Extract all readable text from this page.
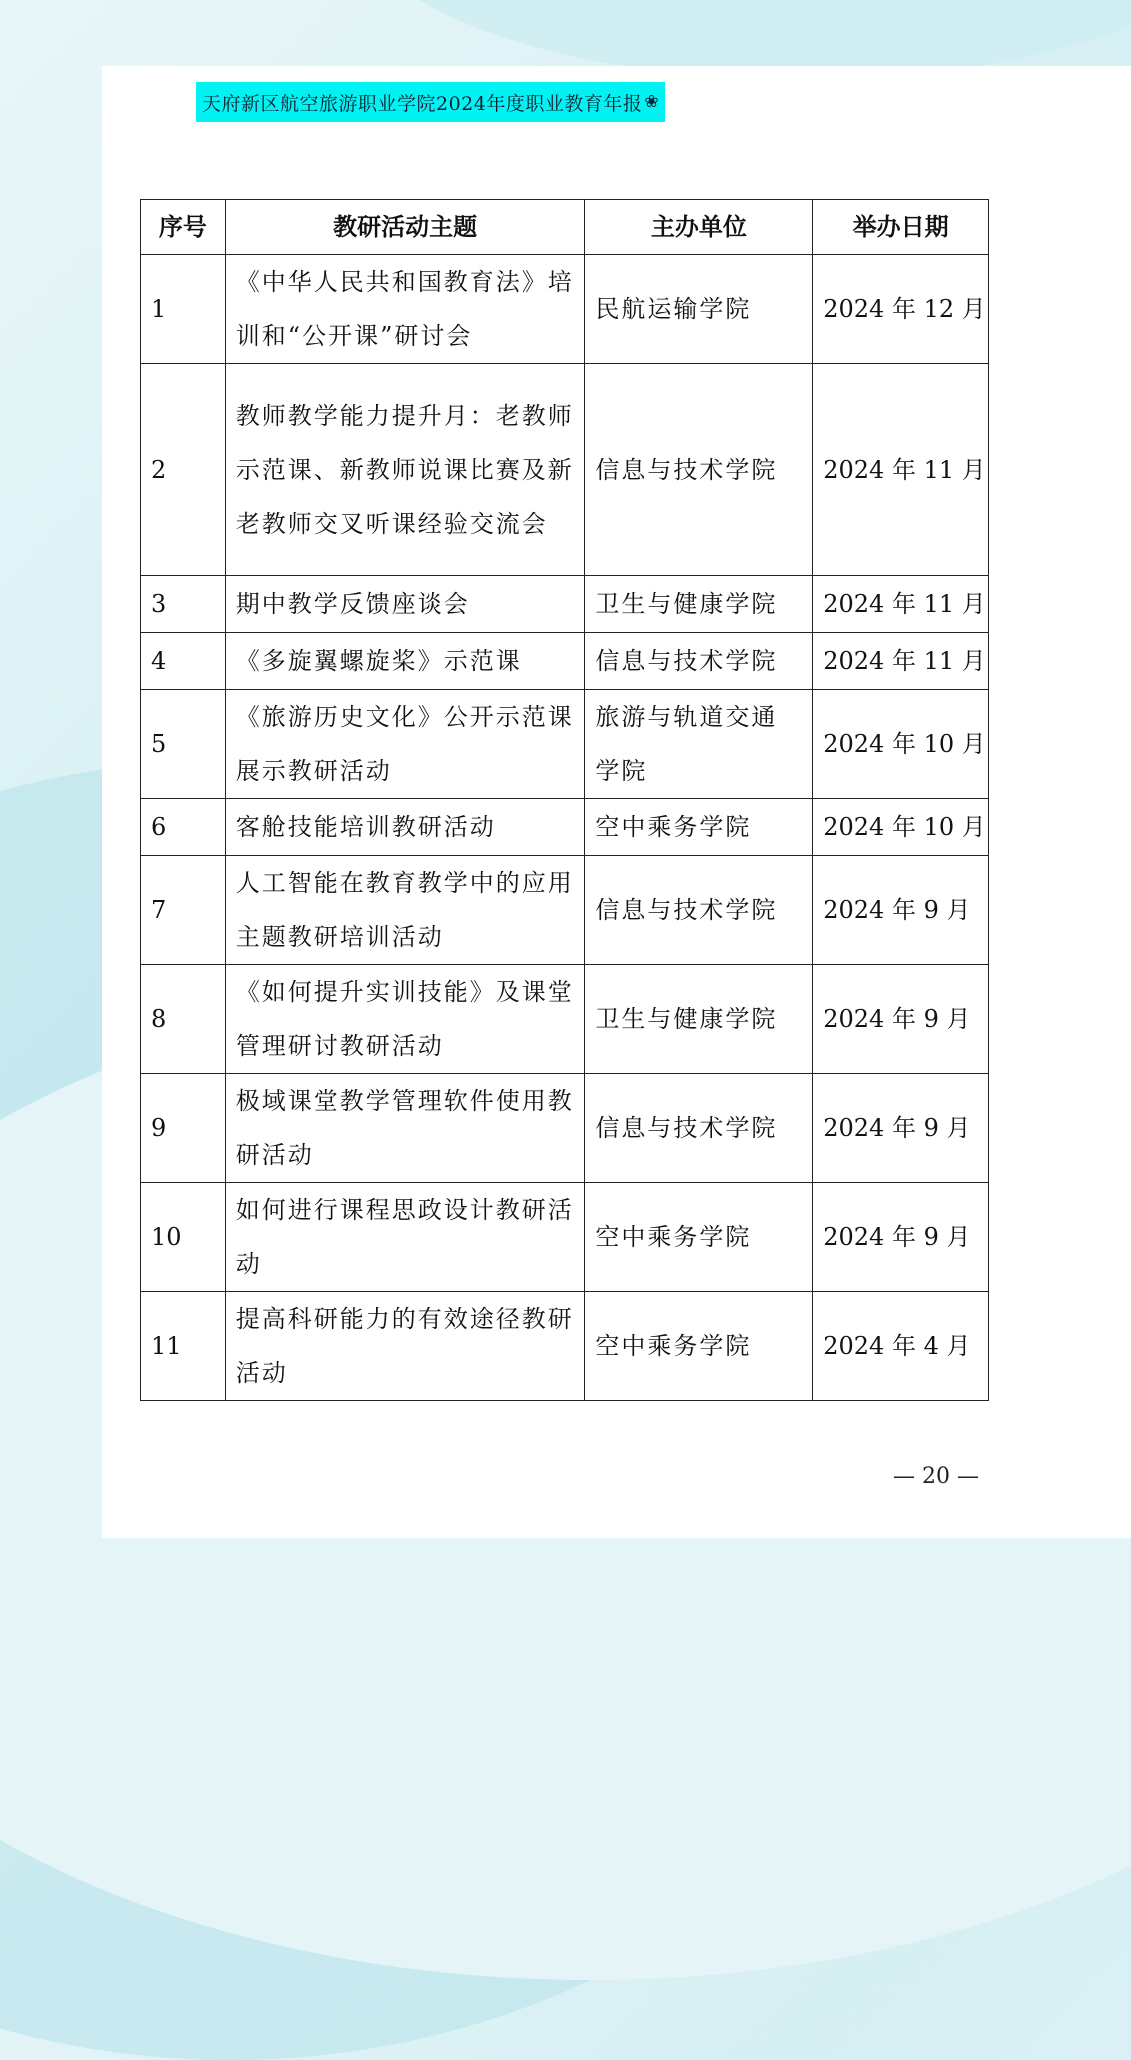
天府新区航空旅游职业学院2024年度职业教育年报 ❀
序号	教研活动主题	主办单位	举办日期
1	《中华人民共和国教育法》培训和“公开课”研讨会	民航运输学院	2024 年 12 月
2	教师教学能力提升月：老教师示范课、新教师说课比赛及新老教师交叉听课经验交流会	信息与技术学院	2024 年 11 月
3	期中教学反馈座谈会	卫生与健康学院	2024 年 11 月
4	《多旋翼螺旋桨》示范课	信息与技术学院	2024 年 11 月
5	《旅游历史文化》公开示范课展示教研活动	旅游与轨道交通学院	2024 年 10 月
6	客舱技能培训教研活动	空中乘务学院	2024 年 10 月
7	人工智能在教育教学中的应用主题教研培训活动	信息与技术学院	2024 年 9 月
8	《如何提升实训技能》及课堂管理研讨教研活动	卫生与健康学院	2024 年 9 月
9	极域课堂教学管理软件使用教研活动	信息与技术学院	2024 年 9 月
10	如何进行课程思政设计教研活动	空中乘务学院	2024 年 9 月
11	提高科研能力的有效途径教研活动	空中乘务学院	2024 年 4 月
— 20 —
